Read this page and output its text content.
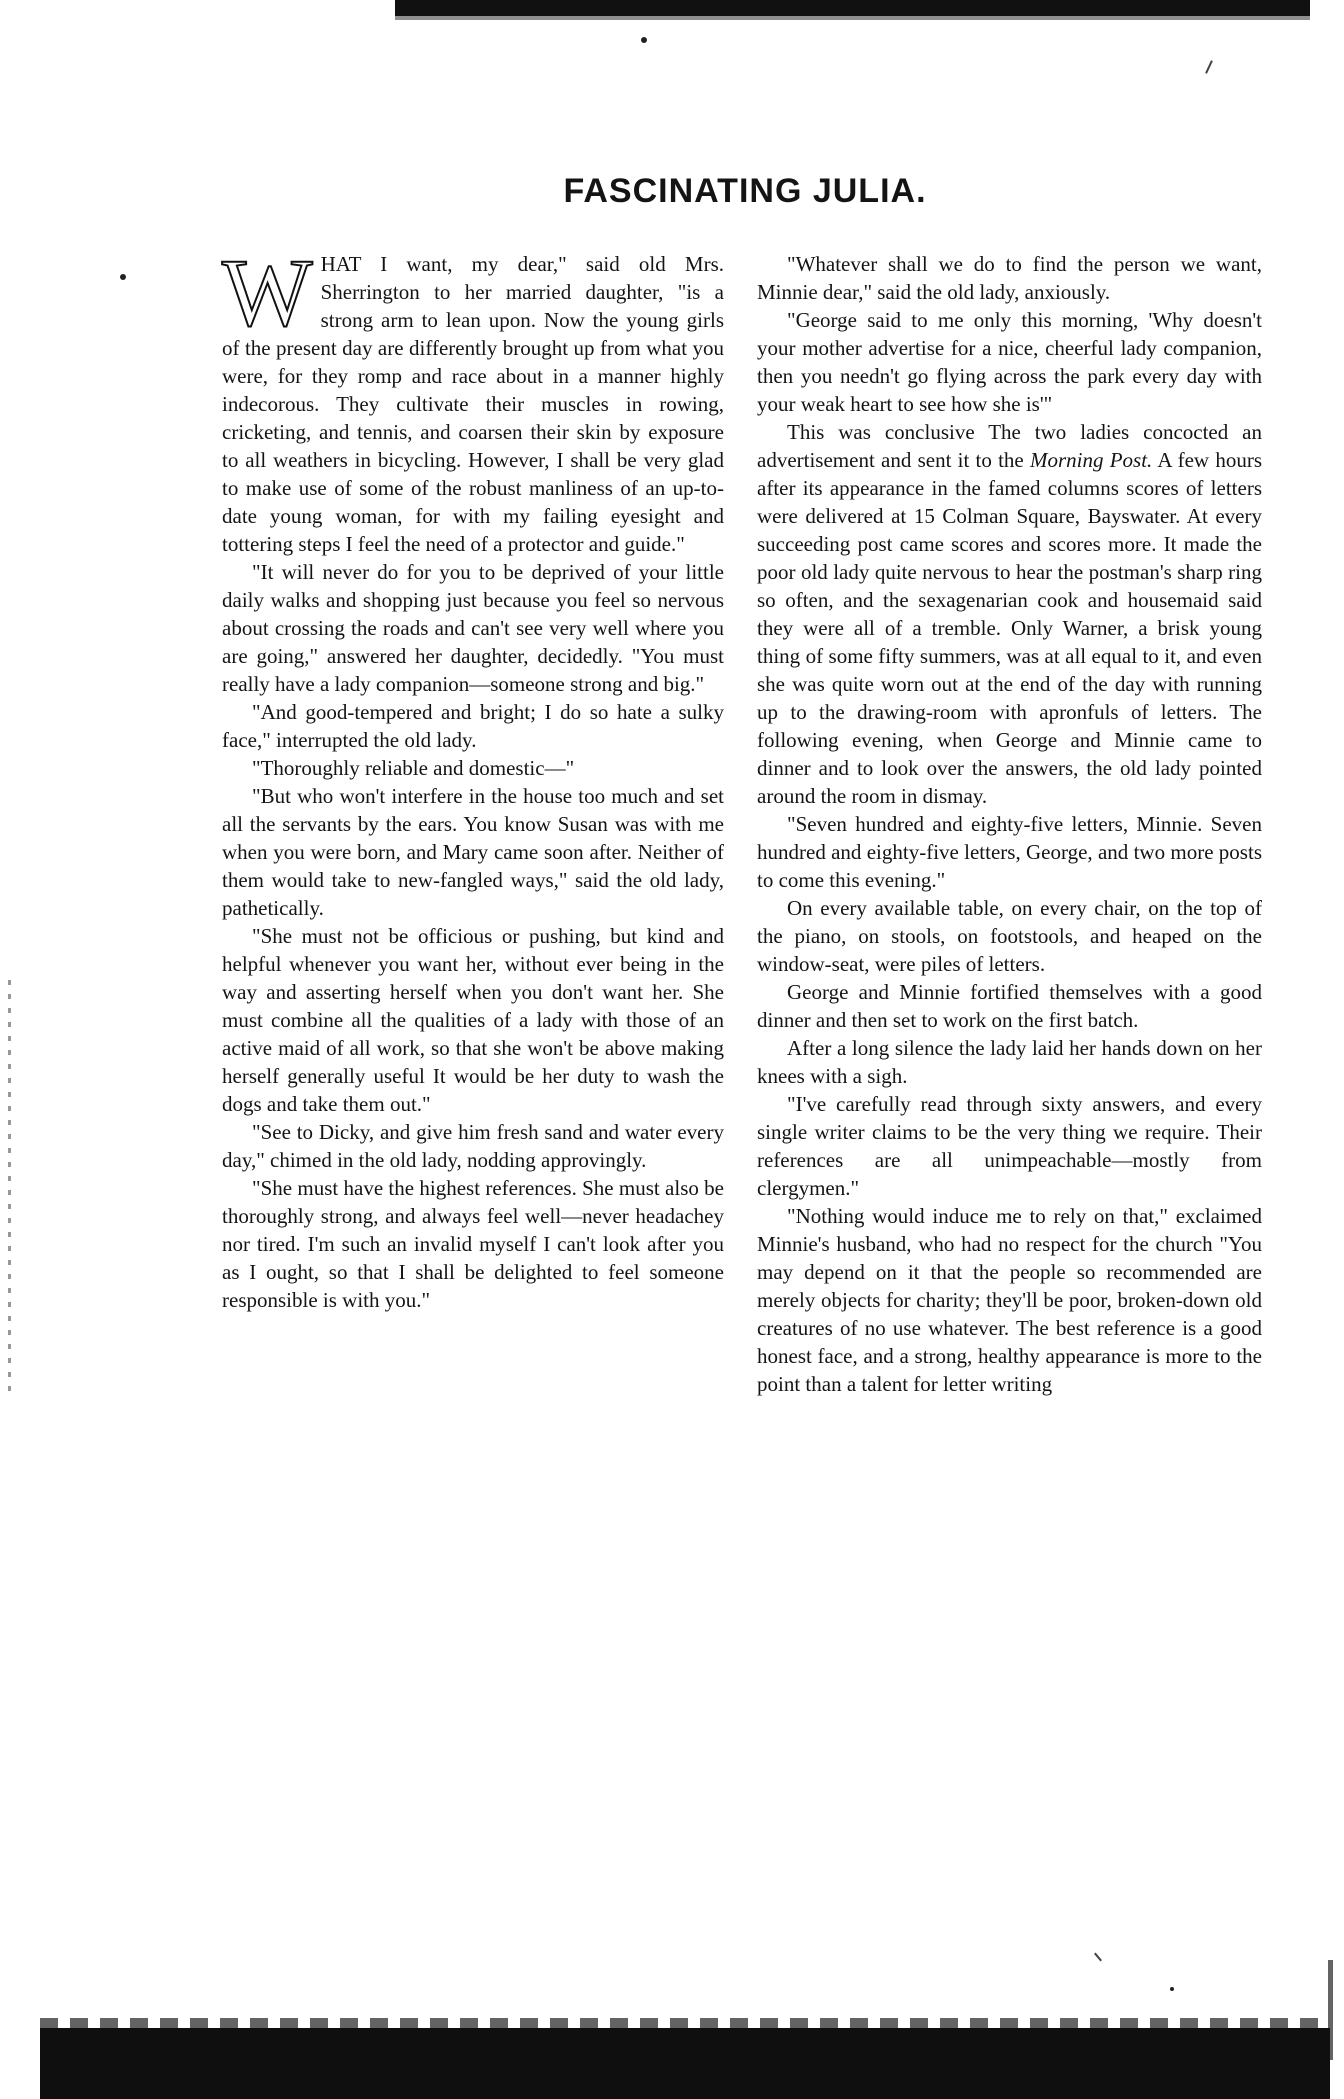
FASCINATING JULIA.

WHAT I want, my dear," said old Mrs. Sherrington to her married daughter, "is a strong arm to lean upon. Now the young girls of the present day are differently brought up from what you were, for they romp and race about in a manner highly indecorous. They cultivate their muscles in rowing, cricketing, and tennis, and coarsen their skin by exposure to all weathers in bicycling. However, I shall be very glad to make use of some of the robust manliness of an up-to-date young woman, for with my failing eyesight and tottering steps I feel the need of a protector and guide."

"It will never do for you to be deprived of your little daily walks and shopping just because you feel so nervous about crossing the roads and can't see very well where you are going," answered her daughter, decidedly. "You must really have a lady companion—someone strong and big."

"And good-tempered and bright; I do so hate a sulky face," interrupted the old lady.

"Thoroughly reliable and domestic—"

"But who won't interfere in the house too much and set all the servants by the ears. You know Susan was with me when you were born, and Mary came soon after. Neither of them would take to new-fangled ways," said the old lady, pathetically.

"She must not be officious or pushing, but kind and helpful whenever you want her, without ever being in the way and asserting herself when you don't want her. She must combine all the qualities of a lady with those of an active maid of all work, so that she won't be above making herself generally useful It would be her duty to wash the dogs and take them out."

"See to Dicky, and give him fresh sand and water every day," chimed in the old lady, nodding approvingly.

"She must have the highest references. She must also be thoroughly strong, and always feel well—never headachey nor tired. I'm such an invalid myself I can't look after you as I ought, so that I shall be delighted to feel someone responsible is with you."

"Whatever shall we do to find the person we want, Minnie dear," said the old lady, anxiously.

"George said to me only this morning, 'Why doesn't your mother advertise for a nice, cheerful lady companion, then you needn't go flying across the park every day with your weak heart to see how she is'"

This was conclusive The two ladies concocted an advertisement and sent it to the Morning Post. A few hours after its appearance in the famed columns scores of letters were delivered at 15 Colman Square, Bayswater. At every succeeding post came scores and scores more. It made the poor old lady quite nervous to hear the postman's sharp ring so often, and the sexagenarian cook and housemaid said they were all of a tremble. Only Warner, a brisk young thing of some fifty summers, was at all equal to it, and even she was quite worn out at the end of the day with running up to the drawing-room with apronfuls of letters. The following evening, when George and Minnie came to dinner and to look over the answers, the old lady pointed around the room in dismay.

"Seven hundred and eighty-five letters, Minnie. Seven hundred and eighty-five letters, George, and two more posts to come this evening."

On every available table, on every chair, on the top of the piano, on stools, on footstools, and heaped on the window-seat, were piles of letters.

George and Minnie fortified themselves with a good dinner and then set to work on the first batch.

After a long silence the lady laid her hands down on her knees with a sigh.

"I've carefully read through sixty answers, and every single writer claims to be the very thing we require. Their references are all unimpeachable—mostly from clergymen."

"Nothing would induce me to rely on that," exclaimed Minnie's husband, who had no respect for the church "You may depend on it that the people so recommended are merely objects for charity; they'll be poor, broken-down old creatures of no use whatever. The best reference is a good honest face, and a strong, healthy appearance is more to the point than a talent for letter writing
